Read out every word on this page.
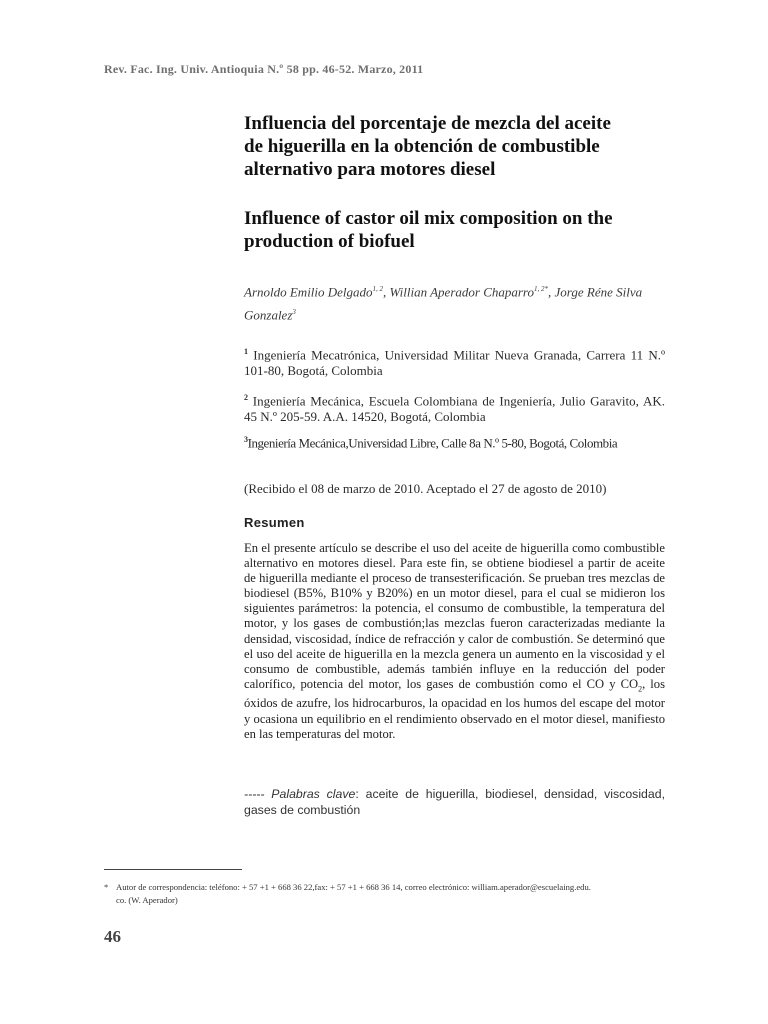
Rev. Fac. Ing. Univ. Antioquia N.º 58 pp. 46-52. Marzo, 2011
Influencia del porcentaje de mezcla del aceite
de higuerilla en la obtención de combustible
alternativo para motores diesel
Influence of castor oil mix composition on the
production of biofuel
Arnoldo Emilio Delgado$^{1, 2}$, Willian Aperador Chaparro$^{1, 2*}$, Jorge Réne Silva Gonzalez$^3$
$^1$ Ingeniería Mecatrónica, Universidad Militar Nueva Granada, Carrera 11 N.º 101-80, Bogotá, Colombia
$^2$ Ingeniería Mecánica, Escuela Colombiana de Ingeniería, Julio Garavito, AK. 45 N.º 205-59. A.A. 14520, Bogotá, Colombia
$^3$Ingeniería Mecánica,Universidad Libre, Calle 8a N.º 5-80, Bogotá, Colombia
(Recibido el 08 de marzo de 2010. Aceptado el 27 de agosto de 2010)
Resumen

En el presente artículo se describe el uso del aceite de higuerilla como combustible alternativo en motores diesel. Para este fin, se obtiene biodiesel a partir de aceite de higuerilla mediante el proceso de transesterificación. Se prueban tres mezclas de biodiesel (B5%, B10% y B20%) en un motor diesel, para el cual se midieron los siguientes parámetros: la potencia, el consumo de combustible, la temperatura del motor, y los gases de combustión;las mezclas fueron caracterizadas mediante la densidad, viscosidad, índice de refracción y calor de combustión. Se determinó que el uso del aceite de higuerilla en la mezcla genera un aumento en la viscosidad y el consumo de combustible, además también influye en la reducción del poder calorífico, potencia del motor, los gases de combustión como el CO y $CO_2$, los óxidos de azufre, los hidrocarburos, la opacidad en los humos del escape del motor y ocasiona un equilibrio en el rendimiento observado en el motor diesel, manifiesto en las temperaturas del motor.

----- Palabras clave: aceite de higuerilla, biodiesel, densidad, viscosidad, gases de combustión
* Autor de correspondencia: teléfono: + 57 +1 + 668 36 22,fax: + 57 +1 + 668 36 14, correo electrónico: william.aperador@escuelaing.edu.
co. (W. Aperador)
46
